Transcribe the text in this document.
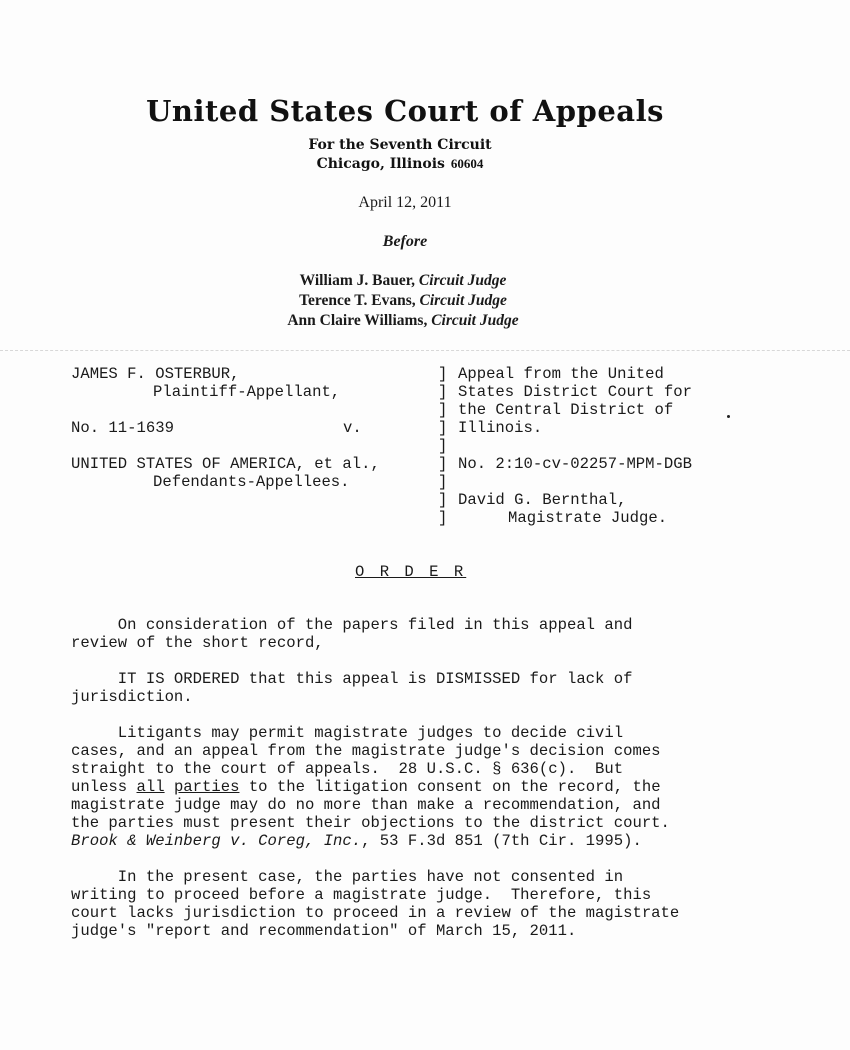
United States Court of Appeals
For the Seventh Circuit
Chicago, Illinois 60604
April 12, 2011
Before
William J. Bauer, Circuit Judge
Terence T. Evans, Circuit Judge
Ann Claire Williams, Circuit Judge
JAMES F. OSTERBUR,
Plaintiff-Appellant,
No. 11-1639	v.
UNITED STATES OF AMERICA, et al.,
Defendants-Appellees.
]
]
]
]
]
]
]
]
]
Appeal from the United
States District Court for
the Central District of
Illinois.
No. 2:10-cv-02257-MPM-DGB
David G. Bernthal,
Magistrate Judge.
O R D E R
On consideration of the papers filed in this appeal and
review of the short record,
IT IS ORDERED that this appeal is DISMISSED for lack of
jurisdiction.
Litigants may permit magistrate judges to decide civil
cases, and an appeal from the magistrate judge's decision comes
straight to the court of appeals.  28 U.S.C. § 636(c).  But
unless all parties to the litigation consent on the record, the
magistrate judge may do no more than make a recommendation, and
the parties must present their objections to the district court.
Brook & Weinberg v. Coreg, Inc., 53 F.3d 851 (7th Cir. 1995).
In the present case, the parties have not consented in
writing to proceed before a magistrate judge.  Therefore, this
court lacks jurisdiction to proceed in a review of the magistrate
judge's "report and recommendation" of March 15, 2011.
